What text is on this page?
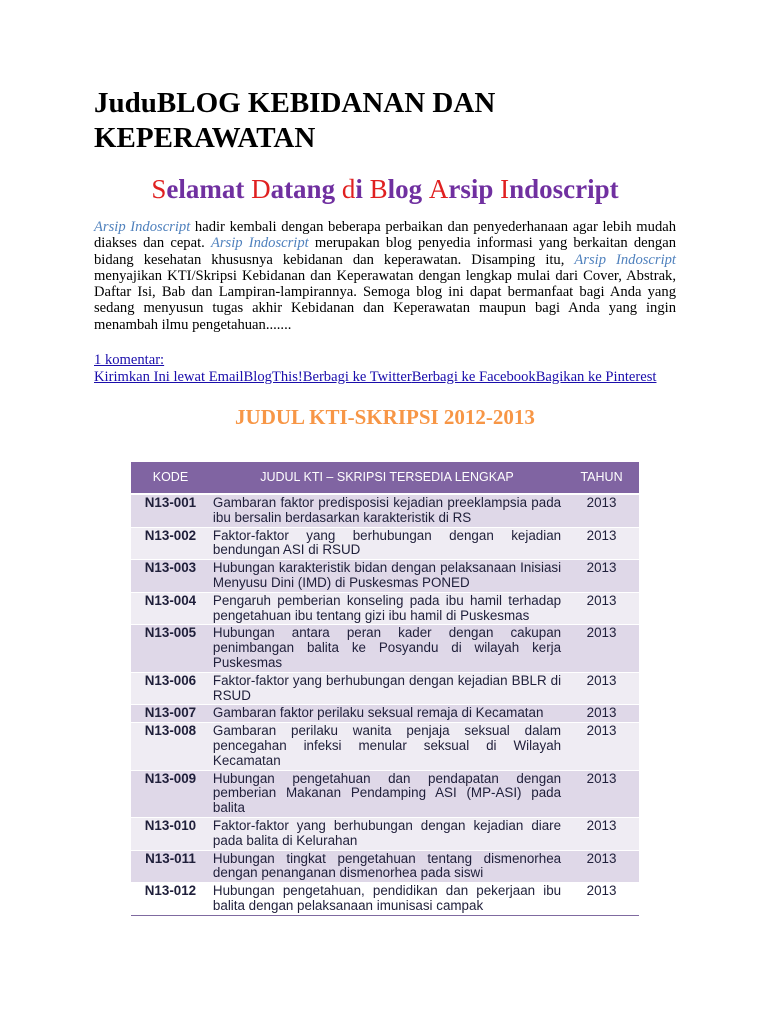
JuduBLOG KEBIDANAN DAN KEPERAWATAN
Selamat Datang di Blog Arsip Indoscript

Arsip Indoscript hadir kembali dengan beberapa perbaikan dan penyederhanaan agar lebih mudah diakses dan cepat. Arsip Indoscript merupakan blog penyedia informasi yang berkaitan dengan bidang kesehatan khususnya kebidanan dan keperawatan. Disamping itu, Arsip Indoscript menyajikan KTI/Skripsi Kebidanan dan Keperawatan dengan lengkap mulai dari Cover, Abstrak, Daftar Isi, Bab dan Lampiran-lampirannya. Semoga blog ini dapat bermanfaat bagi Anda yang sedang menyusun tugas akhir Kebidanan dan Keperawatan maupun bagi Anda yang ingin menambah ilmu pengetahuan.......

1 komentar:
Kirimkan Ini lewat EmailBlogThis!Berbagi ke TwitterBerbagi ke FacebookBagikan ke Pinterest
JUDUL KTI-SKRIPSI 2012-2013
KODE	JUDUL KTI – SKRIPSI TERSEDIA LENGKAP	TAHUN
N13-001	Gambaran faktor predisposisi kejadian preeklampsia pada ibu bersalin berdasarkan karakteristik di RS	2013
N13-002	Faktor-faktor yang berhubungan dengan kejadian bendungan ASI di RSUD	2013
N13-003	Hubungan karakteristik bidan dengan pelaksanaan Inisiasi Menyusu Dini (IMD) di Puskesmas PONED	2013
N13-004	Pengaruh pemberian konseling pada ibu hamil terhadap pengetahuan ibu tentang gizi ibu hamil di Puskesmas	2013
N13-005	Hubungan antara peran kader dengan cakupan penimbangan balita ke Posyandu di wilayah kerja Puskesmas	2013
N13-006	Faktor-faktor yang berhubungan dengan kejadian BBLR di RSUD	2013
N13-007	Gambaran faktor perilaku seksual remaja di Kecamatan	2013
N13-008	Gambaran perilaku wanita penjaja seksual dalam pencegahan infeksi menular seksual di Wilayah Kecamatan	2013
N13-009	Hubungan pengetahuan dan pendapatan dengan pemberian Makanan Pendamping ASI (MP-ASI) pada balita	2013
N13-010	Faktor-faktor yang berhubungan dengan kejadian diare pada balita di Kelurahan	2013
N13-011	Hubungan tingkat pengetahuan tentang dismenorhea dengan penanganan dismenorhea pada siswi	2013
N13-012	Hubungan pengetahuan, pendidikan dan pekerjaan ibu balita dengan pelaksanaan imunisasi campak	2013
